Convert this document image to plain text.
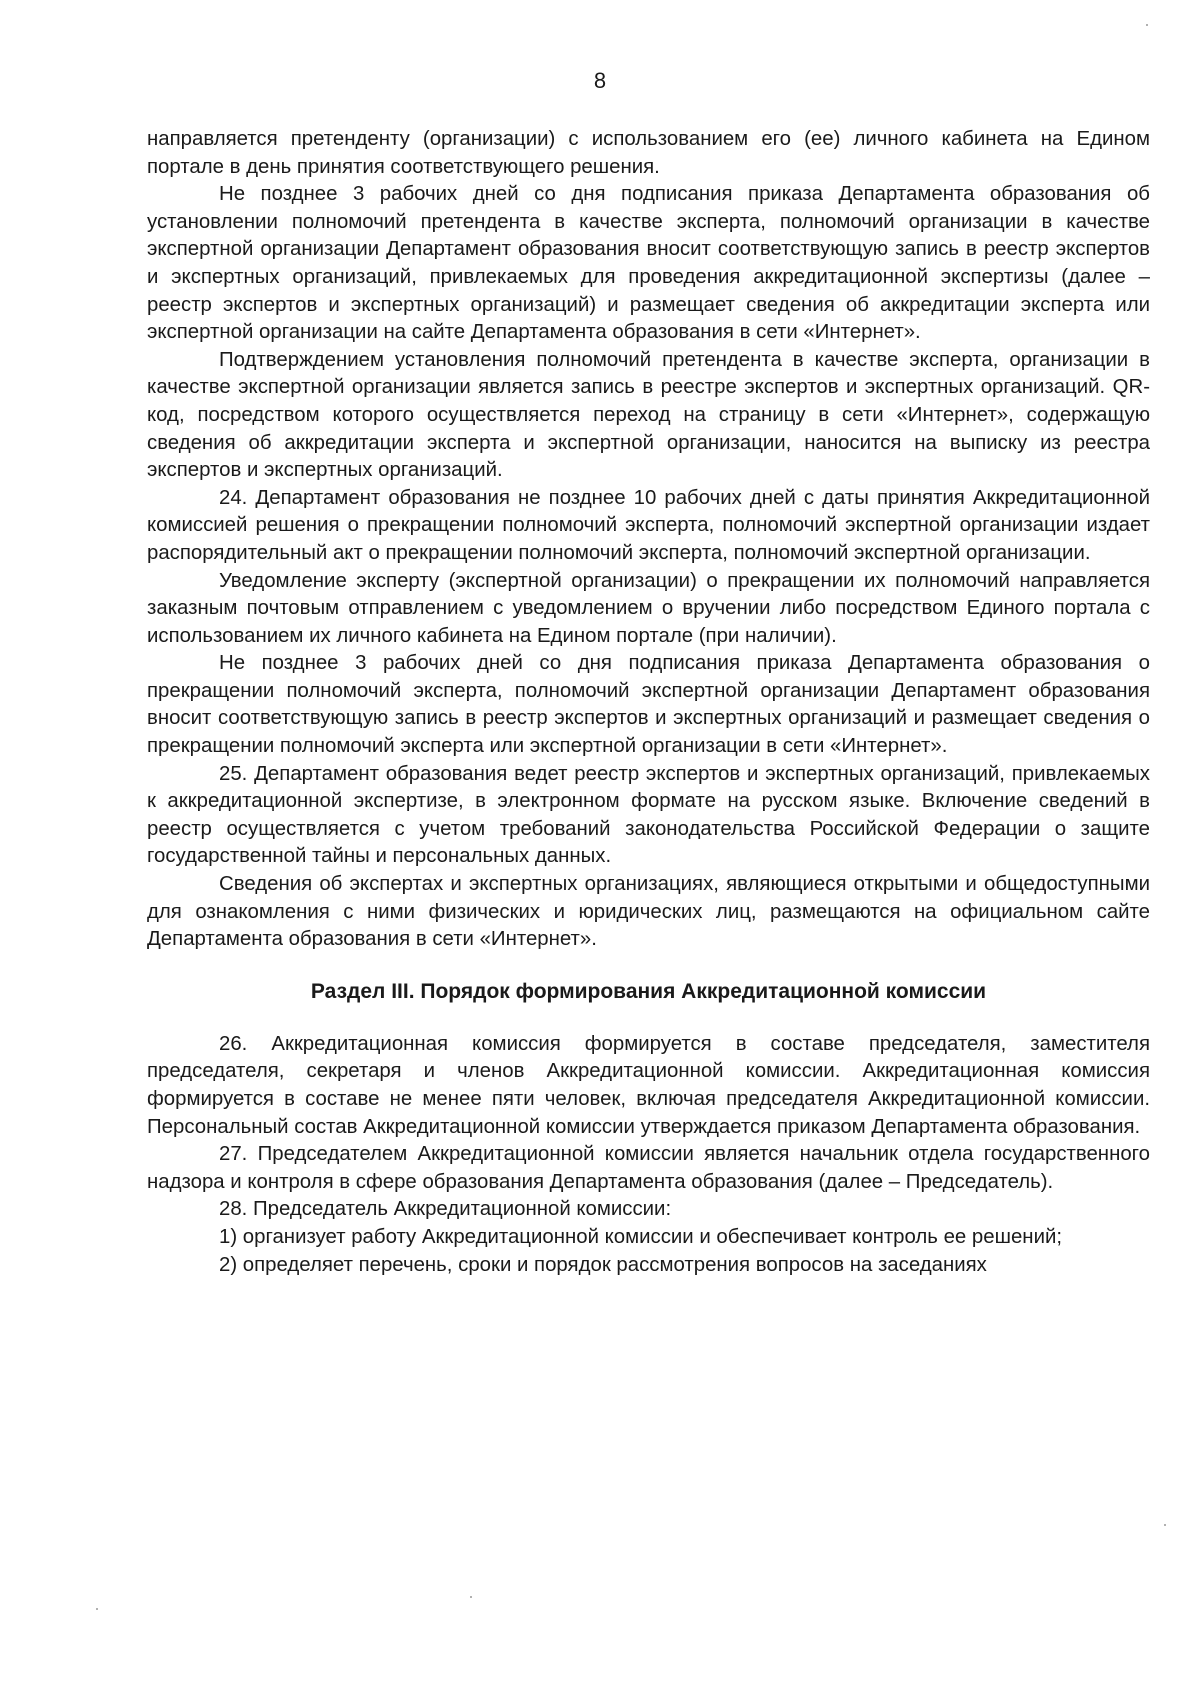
8

направляется претенденту (организации) с использованием его (ее) личного кабинета на Едином портале в день принятия соответствующего решения.

Не позднее 3 рабочих дней со дня подписания приказа Департамента образования об установлении полномочий претендента в качестве эксперта, полномочий организации в качестве экспертной организации Департамент образования вносит соответствующую запись в реестр экспертов и экспертных организаций, привлекаемых для проведения аккредитационной экспертизы (далее – реестр экспертов и экспертных организаций) и размещает сведения об аккредитации эксперта или экспертной организации на сайте Департамента образования в сети «Интернет».

Подтверждением установления полномочий претендента в качестве эксперта, организации в качестве экспертной организации является запись в реестре экспертов и экспертных организаций. QR-код, посредством которого осуществляется переход на страницу в сети «Интернет», содержащую сведения об аккредитации эксперта и экспертной организации, наносится на выписку из реестра экспертов и экспертных организаций.

24. Департамент образования не позднее 10 рабочих дней с даты принятия Аккредитационной комиссией решения о прекращении полномочий эксперта, полномочий экспертной организации издает распорядительный акт о прекращении полномочий эксперта, полномочий экспертной организации.

Уведомление эксперту (экспертной организации) о прекращении их полномочий направляется заказным почтовым отправлением с уведомлением о вручении либо посредством Единого портала с использованием их личного кабинета на Едином портале (при наличии).

Не позднее 3 рабочих дней со дня подписания приказа Департамента образования о прекращении полномочий эксперта, полномочий экспертной организации Департамент образования вносит соответствующую запись в реестр экспертов и экспертных организаций и размещает сведения о прекращении полномочий эксперта или экспертной организации в сети «Интернет».

25. Департамент образования ведет реестр экспертов и экспертных организаций, привлекаемых к аккредитационной экспертизе, в электронном формате на русском языке. Включение сведений в реестр осуществляется с учетом требований законодательства Российской Федерации о защите государственной тайны и персональных данных.

Сведения об экспертах и экспертных организациях, являющиеся открытыми и общедоступными для ознакомления с ними физических и юридических лиц, размещаются на официальном сайте Департамента образования в сети «Интернет».

Раздел III. Порядок формирования Аккредитационной комиссии

26. Аккредитационная комиссия формируется в составе председателя, заместителя председателя, секретаря и членов Аккредитационной комиссии. Аккредитационная комиссия формируется в составе не менее пяти человек, включая председателя Аккредитационной комиссии. Персональный состав Аккредитационной комиссии утверждается приказом Департамента образования.

27. Председателем Аккредитационной комиссии является начальник отдела государственного надзора и контроля в сфере образования Департамента образования (далее – Председатель).

28. Председатель Аккредитационной комиссии:

1) организует работу Аккредитационной комиссии и обеспечивает контроль ее решений;

2) определяет перечень, сроки и порядок рассмотрения вопросов на заседаниях
